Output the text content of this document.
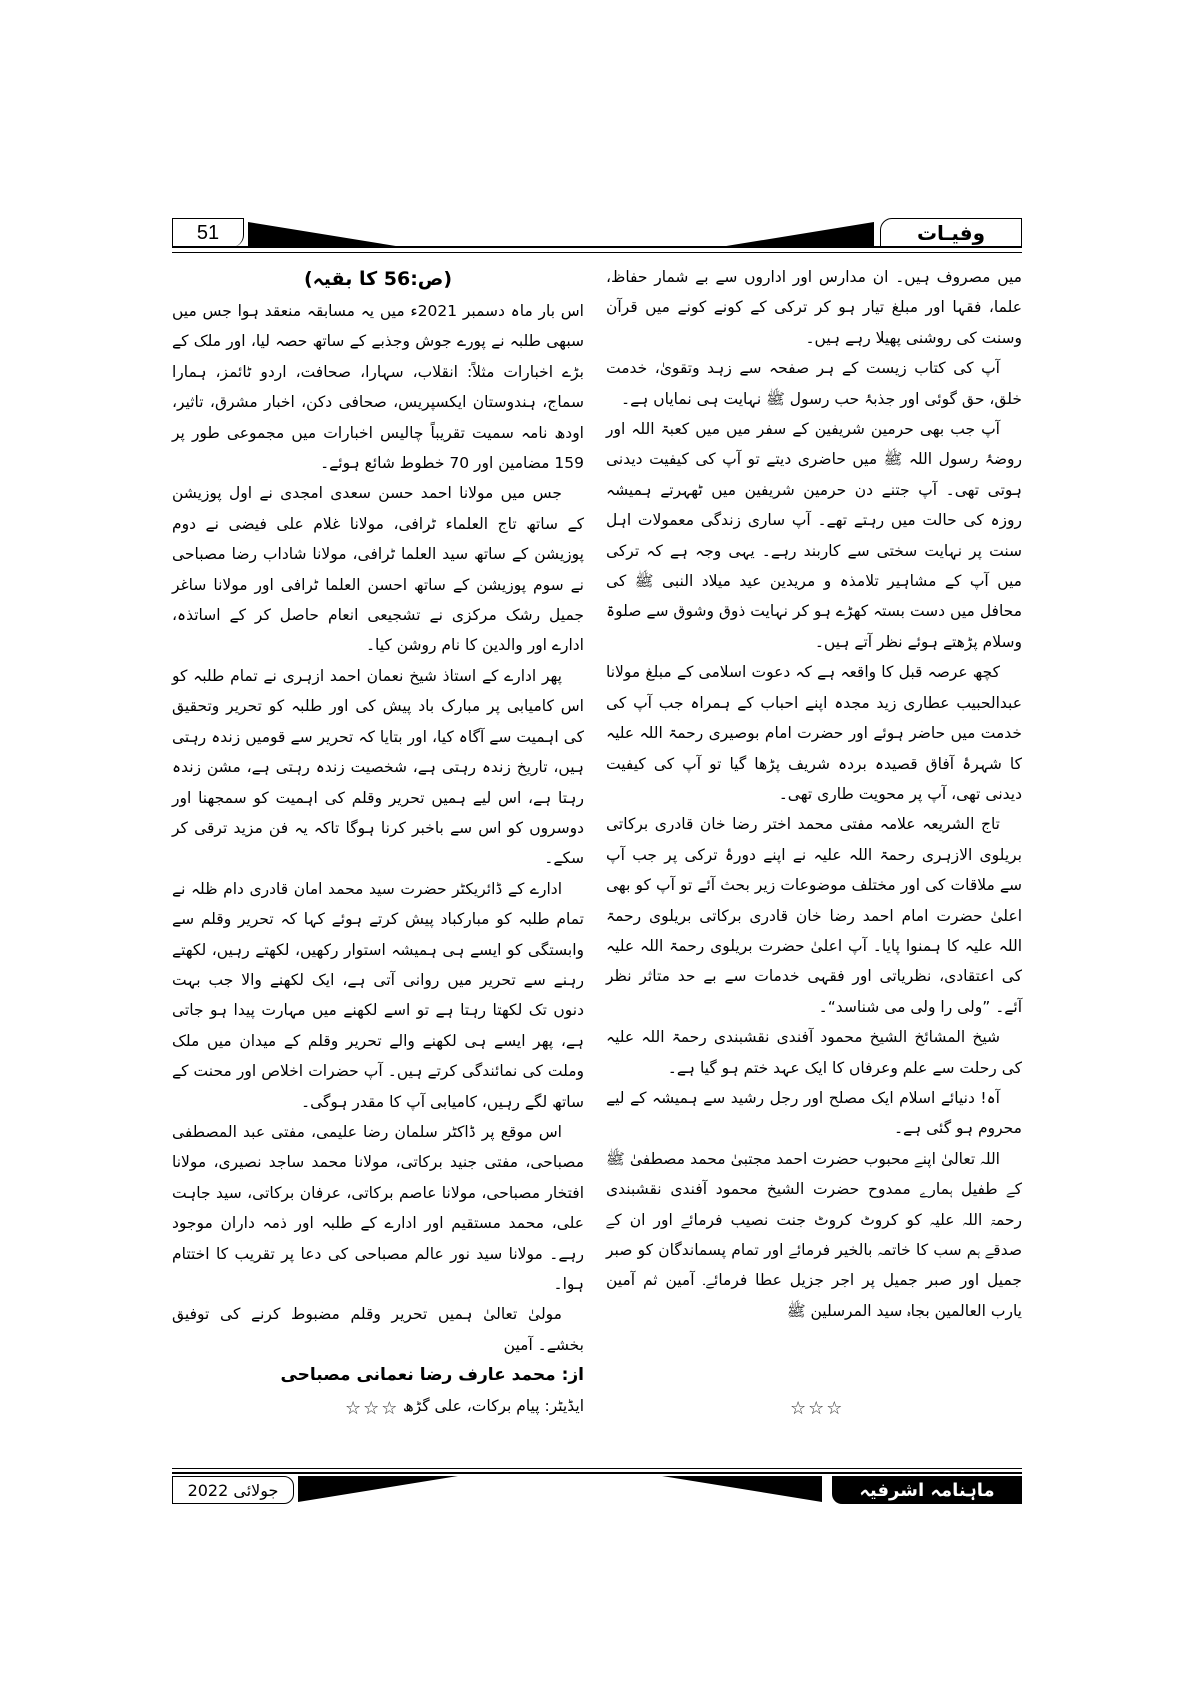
51	وفیـات

میں مصروف ہیں۔ ان مدارس اور اداروں سے بے شمار حفاظ، علما، فقہا اور مبلغ تیار ہو کر ترکی کے کونے کونے میں قرآن وسنت کی روشنی پھیلا رہے ہیں۔

آپ کی کتاب زیست کے ہر صفحہ سے زہد وتقویٰ، خدمت خلق، حق گوئی اور جذبۂ حب رسول ﷺ نہایت ہی نمایاں ہے۔

آپ جب بھی حرمین شریفین کے سفر میں میں کعبۃ اللہ اور روضۂ رسول اللہ ﷺ میں حاضری دیتے تو آپ کی کیفیت دیدنی ہوتی تھی۔ آپ جتنے دن حرمین شریفین میں ٹھہرتے ہمیشہ روزہ کی حالت میں رہتے تھے۔ آپ ساری زندگی معمولات اہل سنت پر نہایت سختی سے کاربند رہے۔ یہی وجہ ہے کہ ترکی میں آپ کے مشاہیر تلامذہ و مریدین عید میلاد النبی ﷺ کی محافل میں دست بستہ کھڑے ہو کر نہایت ذوق وشوق سے صلوۃ وسلام پڑھتے ہوئے نظر آتے ہیں۔

کچھ عرصہ قبل کا واقعہ ہے کہ دعوت اسلامی کے مبلغ مولانا عبدالحبیب عطاری زید مجدہ اپنے احباب کے ہمراہ جب آپ کی خدمت میں حاضر ہوئے اور حضرت امام بوصیری رحمۃ اللہ علیہ کا شہرۂ آفاق قصیدہ بردہ شریف پڑھا گیا تو آپ کی کیفیت دیدنی تھی، آپ پر محویت طاری تھی۔

تاج الشریعہ علامہ مفتی محمد اختر رضا خان قادری برکاتی بریلوی الازہری رحمۃ اللہ علیہ نے اپنے دورۂ ترکی پر جب آپ سے ملاقات کی اور مختلف موضوعات زیر بحث آئے تو آپ کو بھی اعلیٰ حضرت امام احمد رضا خان قادری برکاتی بریلوی رحمۃ اللہ علیہ کا ہمنوا پایا۔ آپ اعلیٰ حضرت بریلوی رحمۃ اللہ علیہ کی اعتقادی، نظریاتی اور فقہی خدمات سے بے حد متاثر نظر آئے۔ ”ولی را ولی می شناسد“۔

شیخ المشائخ الشیخ محمود آفندی نقشبندی رحمۃ اللہ علیہ کی رحلت سے علم وعرفاں کا ایک عہد ختم ہو گیا ہے۔

آہ! دنیائے اسلام ایک مصلح اور رجل رشید سے ہمیشہ کے لیے محروم ہو گئی ہے۔

اللہ تعالیٰ اپنے محبوب حضرت احمد مجتبیٰ محمد مصطفیٰ ﷺ کے طفیل ہمارے ممدوح حضرت الشیخ محمود آفندی نقشبندی رحمۃ اللہ علیہ کو کروٹ کروٹ جنت نصیب فرمائے اور ان کے صدقے ہم سب کا خاتمہ بالخیر فرمائے اور تمام پسماندگان کو صبر جمیل اور صبر جمیل پر اجر جزیل عطا فرمائے۔ آمین ثم آمین یارب العالمین بجاہ سید المرسلین ﷺ

☆☆☆

(ص:56 کا بقیہ)

اس بار ماہ دسمبر 2021ء میں یہ مسابقہ منعقد ہوا جس میں سبھی طلبہ نے پورے جوش وجذبے کے ساتھ حصہ لیا، اور ملک کے بڑے اخبارات مثلاً: انقلاب، سہارا، صحافت، اردو ٹائمز، ہمارا سماج، ہندوستان ایکسپریس، صحافی دکن، اخبار مشرق، تاثیر، اودھ نامہ سمیت تقریباً چالیس اخبارات میں مجموعی طور پر 159 مضامین اور 70 خطوط شائع ہوئے۔

جس میں مولانا احمد حسن سعدی امجدی نے اول پوزیشن کے ساتھ تاج العلماء ٹرافی، مولانا غلام علی فیضی نے دوم پوزیشن کے ساتھ سید العلما ٹرافی، مولانا شاداب رضا مصباحی نے سوم پوزیشن کے ساتھ احسن العلما ٹرافی اور مولانا ساغر جمیل رشک مرکزی نے تشجیعی انعام حاصل کر کے اساتذہ، ادارے اور والدین کا نام روشن کیا۔

پھر ادارے کے استاذ شیخ نعمان احمد ازہری نے تمام طلبہ کو اس کامیابی پر مبارک باد پیش کی اور طلبہ کو تحریر وتحقیق کی اہمیت سے آگاہ کیا، اور بتایا کہ تحریر سے قومیں زندہ رہتی ہیں، تاریخ زندہ رہتی ہے، شخصیت زندہ رہتی ہے، مشن زندہ رہتا ہے، اس لیے ہمیں تحریر وقلم کی اہمیت کو سمجھنا اور دوسروں کو اس سے باخبر کرنا ہوگا تاکہ یہ فن مزید ترقی کر سکے۔

ادارے کے ڈائریکٹر حضرت سید محمد امان قادری دام ظلہ نے تمام طلبہ کو مبارکباد پیش کرتے ہوئے کہا کہ تحریر وقلم سے وابستگی کو ایسے ہی ہمیشہ استوار رکھیں، لکھتے رہیں، لکھتے رہنے سے تحریر میں روانی آتی ہے، ایک لکھنے والا جب بہت دنوں تک لکھتا رہتا ہے تو اسے لکھنے میں مہارت پیدا ہو جاتی ہے، پھر ایسے ہی لکھنے والے تحریر وقلم کے میدان میں ملک وملت کی نمائندگی کرتے ہیں۔ آپ حضرات اخلاص اور محنت کے ساتھ لگے رہیں، کامیابی آپ کا مقدر ہوگی۔

اس موقع پر ڈاکٹر سلمان رضا علیمی، مفتی عبد المصطفی مصباحی، مفتی جنید برکاتی، مولانا محمد ساجد نصیری، مولانا افتخار مصباحی، مولانا عاصم برکاتی، عرفان برکاتی، سید جاہت علی، محمد مستقیم اور ادارے کے طلبہ اور ذمہ داران موجود رہے۔ مولانا سید نور عالم مصباحی کی دعا پر تقریب کا اختتام ہوا۔

مولیٰ تعالیٰ ہمیں تحریر وقلم مضبوط کرنے کی توفیق بخشے۔ آمین

از: محمد عارف رضا نعمانی مصباحی

ایڈیٹر: پیام برکات، علی گڑھ

☆☆☆
جولائی 2022	ماہنامہ اشرفیہ
